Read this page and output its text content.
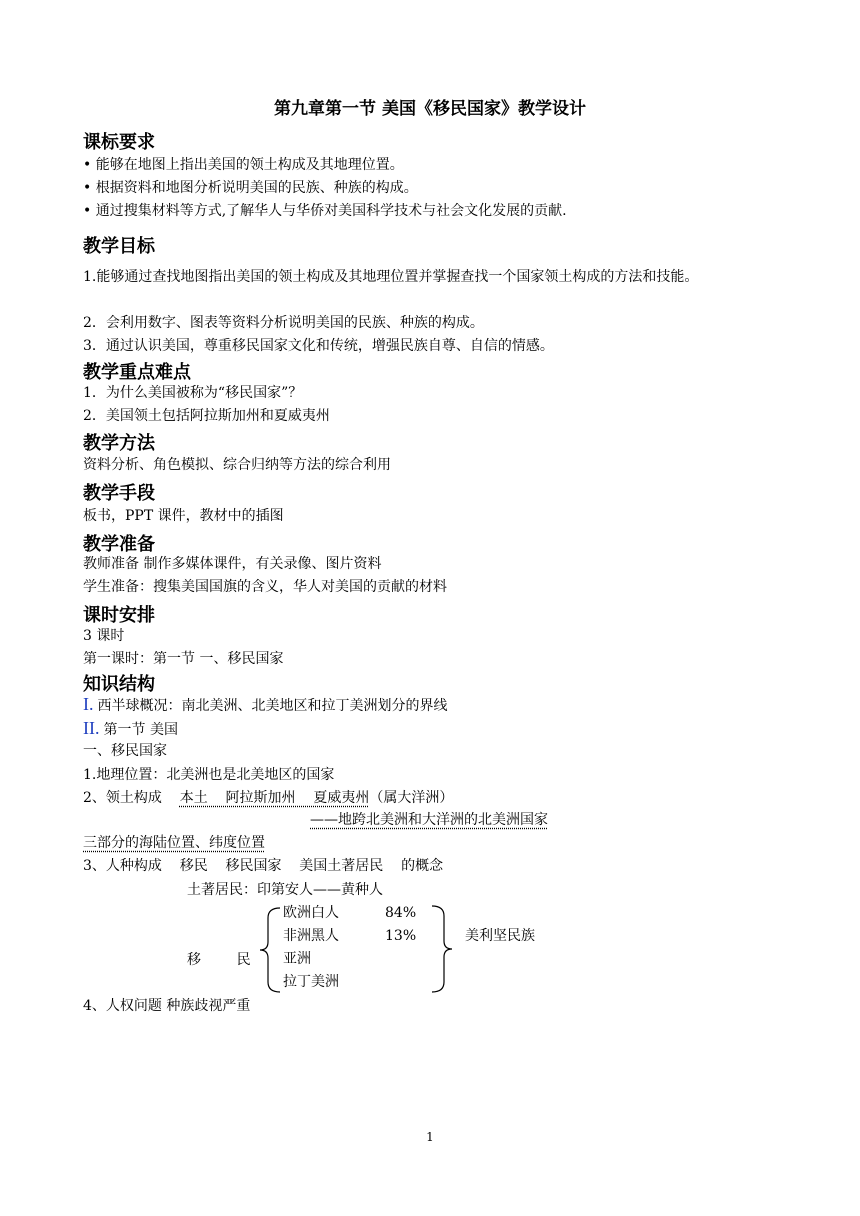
第九章第一节 美国《移民国家》教学设计
课标要求
• 能够在地图上指出美国的领土构成及其地理位置。
• 根据资料和地图分析说明美国的民族、种族的构成。
• 通过搜集材料等方式,了解华人与华侨对美国科学技术与社会文化发展的贡献.
教学目标
1.能够通过查找地图指出美国的领土构成及其地理位置并掌握查找一个国家领土构成的方法和技能。
2．会利用数字、图表等资料分析说明美国的民族、种族的构成。
3．通过认识美国，尊重移民国家文化和传统，增强民族自尊、自信的情感。
教学重点难点
1．为什么美国被称为“移民国家”？
2．美国领土包括阿拉斯加州和夏威夷州
教学方法
资料分析、角色模拟、综合归纳等方法的综合利用
教学手段
板书，PPT 课件，教材中的插图
教学准备
教师准备 制作多媒体课件，有关录像、图片资料
学生准备：搜集美国国旗的含义，华人对美国的贡献的材料
课时安排
3 课时
第一课时：第一节 一、移民国家
知识结构
I. 西半球概况：南北美洲、北美地区和拉丁美洲划分的界线
II. 第一节 美国
一、移民国家
1.地理位置：北美洲也是北美地区的国家
2、领土构成    本土    阿拉斯加州    夏威夷州（属大洋洲）
——地跨北美洲和大洋洲的北美洲国家
三部分的海陆位置、纬度位置
3、人种构成    移民    移民国家    美国土著居民    的概念
土著居民：印第安人——黄种人
移        民
欧洲白人	84%
非洲黑人	13%
亚洲
拉丁美洲
美利坚民族
4、人权问题 种族歧视严重
1
